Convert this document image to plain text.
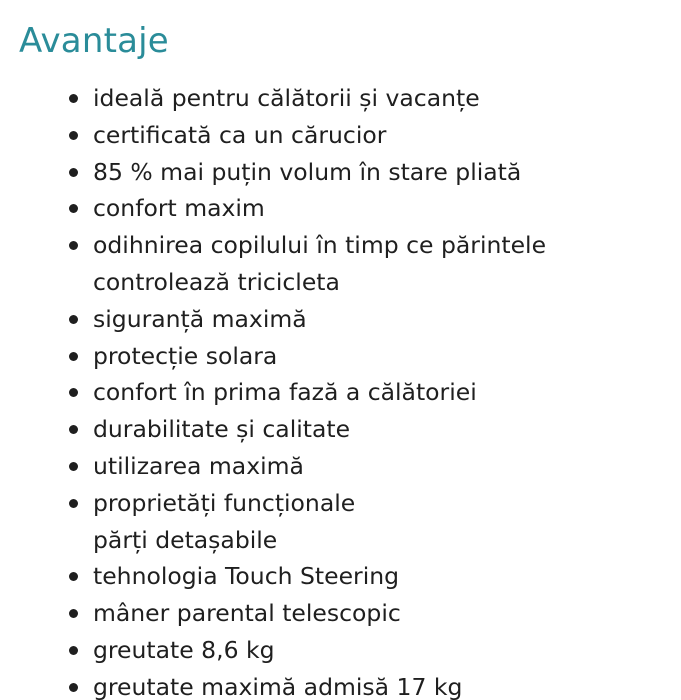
Avantaje
ideală pentru călătorii și vacanțe
certificată ca un cărucior
85 % mai puțin volum în stare pliată
confort maxim
odihnirea copilului în timp ce părintele
controlează tricicleta
siguranță maximă
protecție solara
confort în prima fază a călătoriei
durabilitate și calitate
utilizarea maximă
proprietăți funcționale
părți detașabile
tehnologia Touch Steering
mâner parental telescopic
greutate 8,6 kg
greutate maximă admisă 17 kg
